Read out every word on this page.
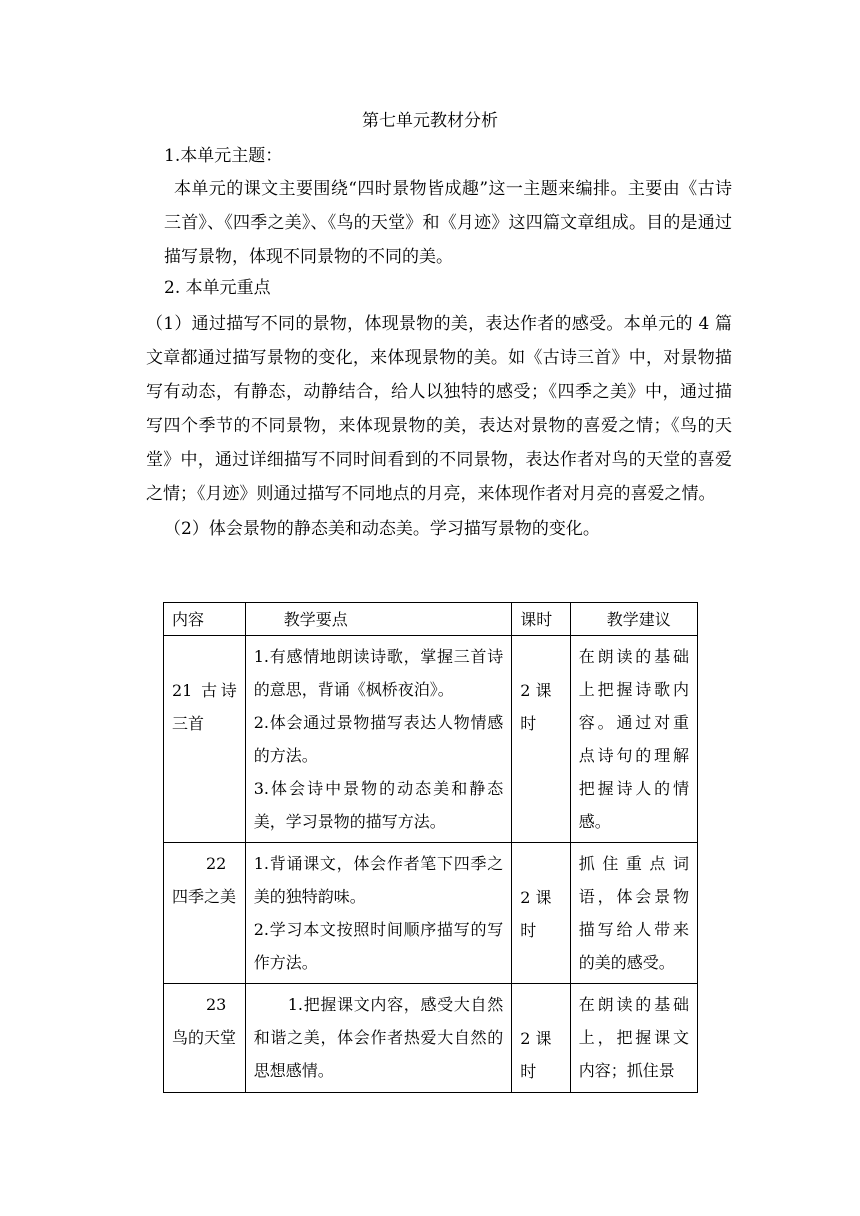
第七单元教材分析
1.本单元主题：
本单元的课文主要围绕“四时景物皆成趣”这一主题来编排。主要由《古诗三首》、《四季之美》、《鸟的天堂》和《月迹》这四篇文章组成。目的是通过描写景物，体现不同景物的不同的美。
2. 本单元重点
（1）通过描写不同的景物，体现景物的美，表达作者的感受。本单元的 4 篇文章都通过描写景物的变化，来体现景物的美。如《古诗三首》中，对景物描写有动态，有静态，动静结合，给人以独特的感受；《四季之美》中，通过描写四个季节的不同景物，来体现景物的美，表达对景物的喜爱之情；《鸟的天堂》中，通过详细描写不同时间看到的不同景物，表达作者对鸟的天堂的喜爱之情；《月迹》则通过描写不同地点的月亮，来体现作者对月亮的喜爱之情。
（2）体会景物的静态美和动态美。学习描写景物的变化。
内容	教学要点	课时	教学建议
21 古诗三首	1.有感情地朗读诗歌，掌握三首诗的意思，背诵《枫桥夜泊》。
2.体会通过景物描写表达人物情感的方法。
3.体会诗中景物的动态美和静态美，学习景物的描写方法。	2 课时	在朗读的基础上把握诗歌内容。通过对重点诗句的理解把握诗人的情感。

22
四季之美	1.背诵课文，体会作者笔下四季之美的独特韵味。
2.学习本文按照时间顺序描写的写作方法。	2 课时	抓住重点词语，体会景物描写给人带来的美的感受。

23
鸟的天堂	1.把握课文内容，感受大自然和谐之美，体会作者热爱大自然的思想感情。	2 课时	在朗读的基础上，把握课文内容；抓住景
